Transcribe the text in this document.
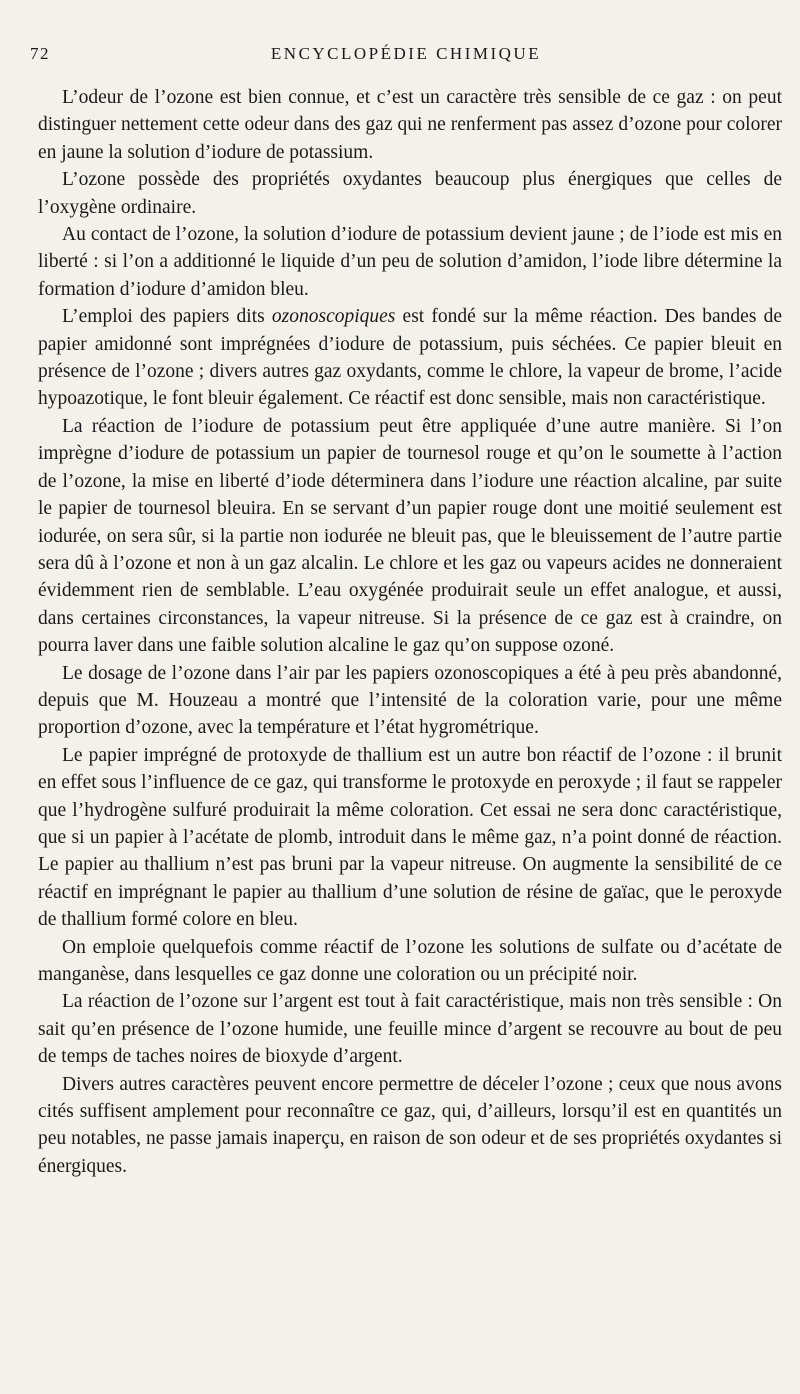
72	ENCYCLOPÉDIE CHIMIQUE

L’odeur de l’ozone est bien connue, et c’est un caractère très sensible de ce gaz : on peut distinguer nettement cette odeur dans des gaz qui ne renferment pas assez d’ozone pour colorer en jaune la solution d’iodure de potassium.

L’ozone possède des propriétés oxydantes beaucoup plus énergiques que celles de l’oxygène ordinaire.

Au contact de l’ozone, la solution d’iodure de potassium devient jaune ; de l’iode est mis en liberté : si l’on a additionné le liquide d’un peu de solution d’amidon, l’iode libre détermine la formation d’iodure d’amidon bleu.

L’emploi des papiers dits ozonoscopiques est fondé sur la même réaction. Des bandes de papier amidonné sont imprégnées d’iodure de potassium, puis séchées. Ce papier bleuit en présence de l’ozone ; divers autres gaz oxydants, comme le chlore, la vapeur de brome, l’acide hypoazotique, le font bleuir également. Ce réactif est donc sensible, mais non caractéristique.

La réaction de l’iodure de potassium peut être appliquée d’une autre manière. Si l’on imprègne d’iodure de potassium un papier de tournesol rouge et qu’on le soumette à l’action de l’ozone, la mise en liberté d’iode déterminera dans l’iodure une réaction alcaline, par suite le papier de tournesol bleuira. En se servant d’un papier rouge dont une moitié seulement est iodurée, on sera sûr, si la partie non iodurée ne bleuit pas, que le bleuissement de l’autre partie sera dû à l’ozone et non à un gaz alcalin. Le chlore et les gaz ou vapeurs acides ne donneraient évidemment rien de semblable. L’eau oxygénée produirait seule un effet analogue, et aussi, dans certaines circonstances, la vapeur nitreuse. Si la présence de ce gaz est à craindre, on pourra laver dans une faible solution alcaline le gaz qu’on suppose ozoné.

Le dosage de l’ozone dans l’air par les papiers ozonoscopiques a été à peu près abandonné, depuis que M. Houzeau a montré que l’intensité de la coloration varie, pour une même proportion d’ozone, avec la température et l’état hygrométrique.

Le papier imprégné de protoxyde de thallium est un autre bon réactif de l’ozone : il brunit en effet sous l’influence de ce gaz, qui transforme le protoxyde en peroxyde ; il faut se rappeler que l’hydrogène sulfuré produirait la même coloration. Cet essai ne sera donc caractéristique, que si un papier à l’acétate de plomb, introduit dans le même gaz, n’a point donné de réaction. Le papier au thallium n’est pas bruni par la vapeur nitreuse. On augmente la sensibilité de ce réactif en imprégnant le papier au thallium d’une solution de résine de gaïac, que le peroxyde de thallium formé colore en bleu.

On emploie quelquefois comme réactif de l’ozone les solutions de sulfate ou d’acétate de manganèse, dans lesquelles ce gaz donne une coloration ou un précipité noir.

La réaction de l’ozone sur l’argent est tout à fait caractéristique, mais non très sensible : On sait qu’en présence de l’ozone humide, une feuille mince d’argent se recouvre au bout de peu de temps de taches noires de bioxyde d’argent.

Divers autres caractères peuvent encore permettre de déceler l’ozone ; ceux que nous avons cités suffisent amplement pour reconnaître ce gaz, qui, d’ailleurs, lorsqu’il est en quantités un peu notables, ne passe jamais inaperçu, en raison de son odeur et de ses propriétés oxydantes si énergiques.
